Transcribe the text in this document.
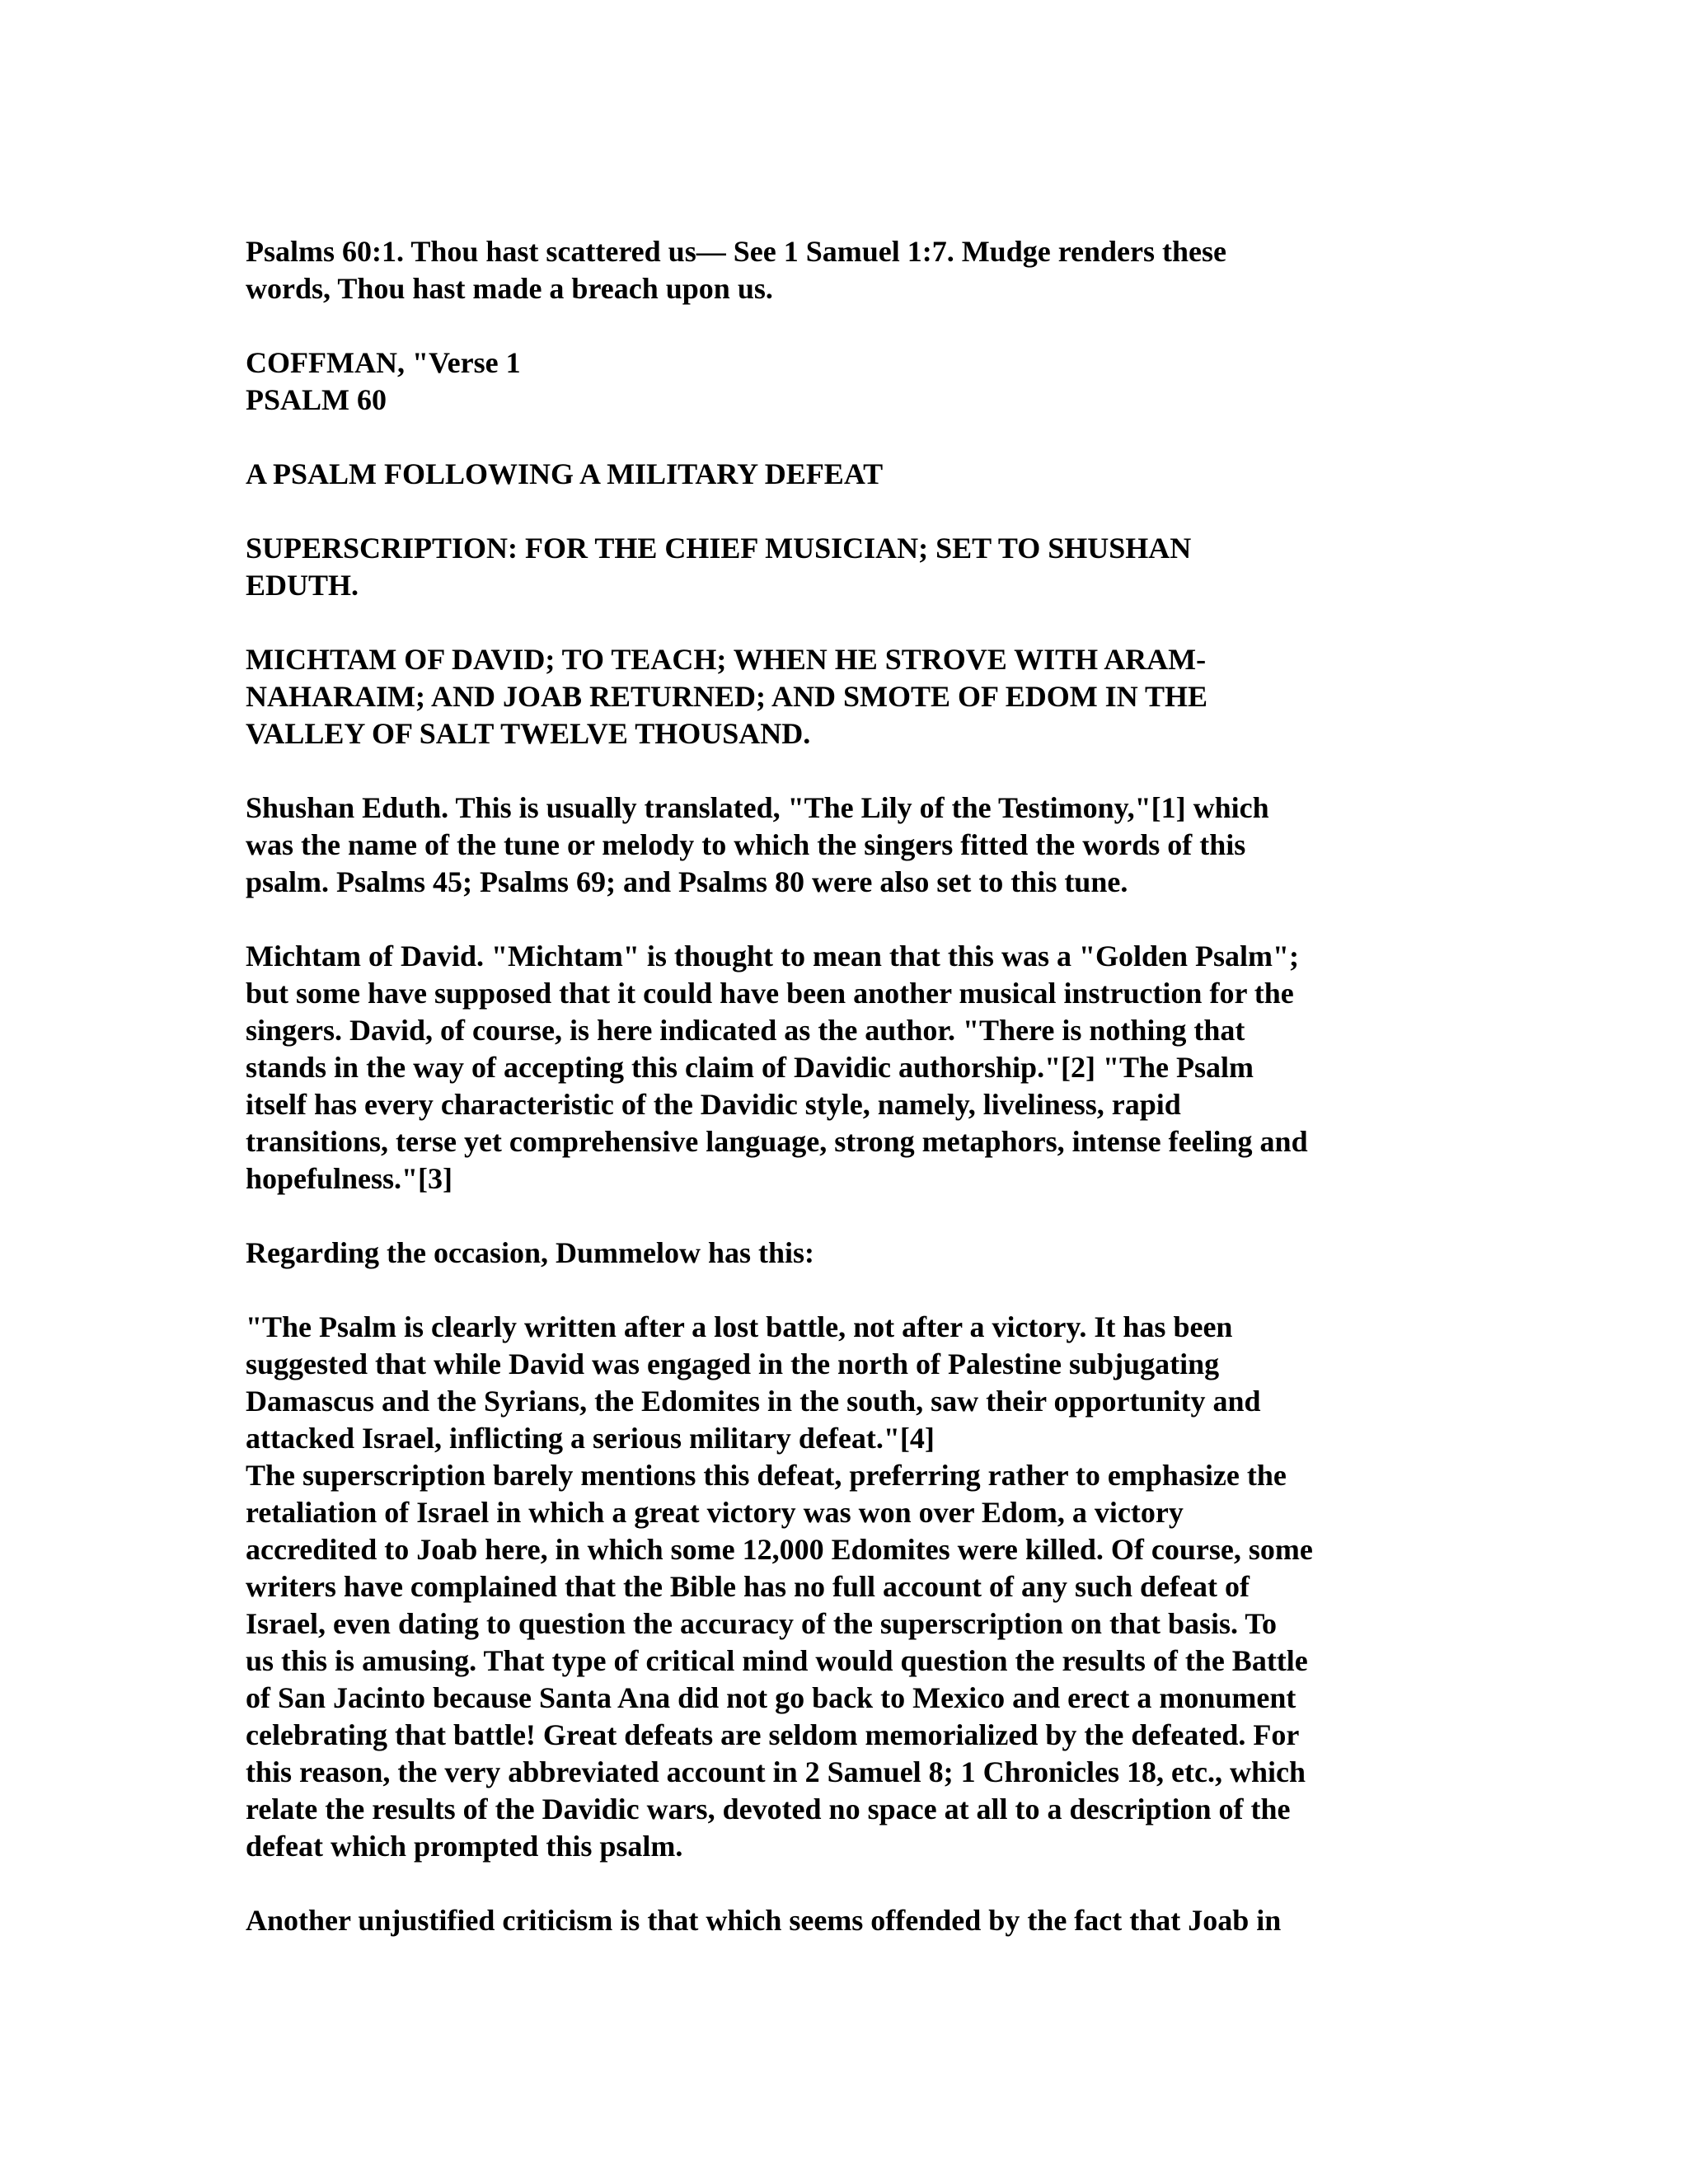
Psalms 60:1. Thou hast scattered us— See 1 Samuel 1:7. Mudge renders these
words, Thou hast made a breach upon us.
COFFMAN, "Verse 1
PSALM 60
A PSALM FOLLOWING A MILITARY DEFEAT
SUPERSCRIPTION: FOR THE CHIEF MUSICIAN; SET TO SHUSHAN
EDUTH.
MICHTAM OF DAVID; TO TEACH; WHEN HE STROVE WITH ARAM-
NAHARAIM; AND JOAB RETURNED; AND SMOTE OF EDOM IN THE
VALLEY OF SALT TWELVE THOUSAND.
Shushan Eduth. This is usually translated, "The Lily of the Testimony,"[1] which
was the name of the tune or melody to which the singers fitted the words of this
psalm. Psalms 45; Psalms 69; and Psalms 80 were also set to this tune.
Michtam of David. "Michtam" is thought to mean that this was a "Golden Psalm";
but some have supposed that it could have been another musical instruction for the
singers. David, of course, is here indicated as the author. "There is nothing that
stands in the way of accepting this claim of Davidic authorship."[2] "The Psalm
itself has every characteristic of the Davidic style, namely, liveliness, rapid
transitions, terse yet comprehensive language, strong metaphors, intense feeling and
hopefulness."[3]
Regarding the occasion, Dummelow has this:
"The Psalm is clearly written after a lost battle, not after a victory. It has been
suggested that while David was engaged in the north of Palestine subjugating
Damascus and the Syrians, the Edomites in the south, saw their opportunity and
attacked Israel, inflicting a serious military defeat."[4]
The superscription barely mentions this defeat, preferring rather to emphasize the
retaliation of Israel in which a great victory was won over Edom, a victory
accredited to Joab here, in which some 12,000 Edomites were killed. Of course, some
writers have complained that the Bible has no full account of any such defeat of
Israel, even dating to question the accuracy of the superscription on that basis. To
us this is amusing. That type of critical mind would question the results of the Battle
of San Jacinto because Santa Ana did not go back to Mexico and erect a monument
celebrating that battle! Great defeats are seldom memorialized by the defeated. For
this reason, the very abbreviated account in 2 Samuel 8; 1 Chronicles 18, etc., which
relate the results of the Davidic wars, devoted no space at all to a description of the
defeat which prompted this psalm.
Another unjustified criticism is that which seems offended by the fact that Joab in
